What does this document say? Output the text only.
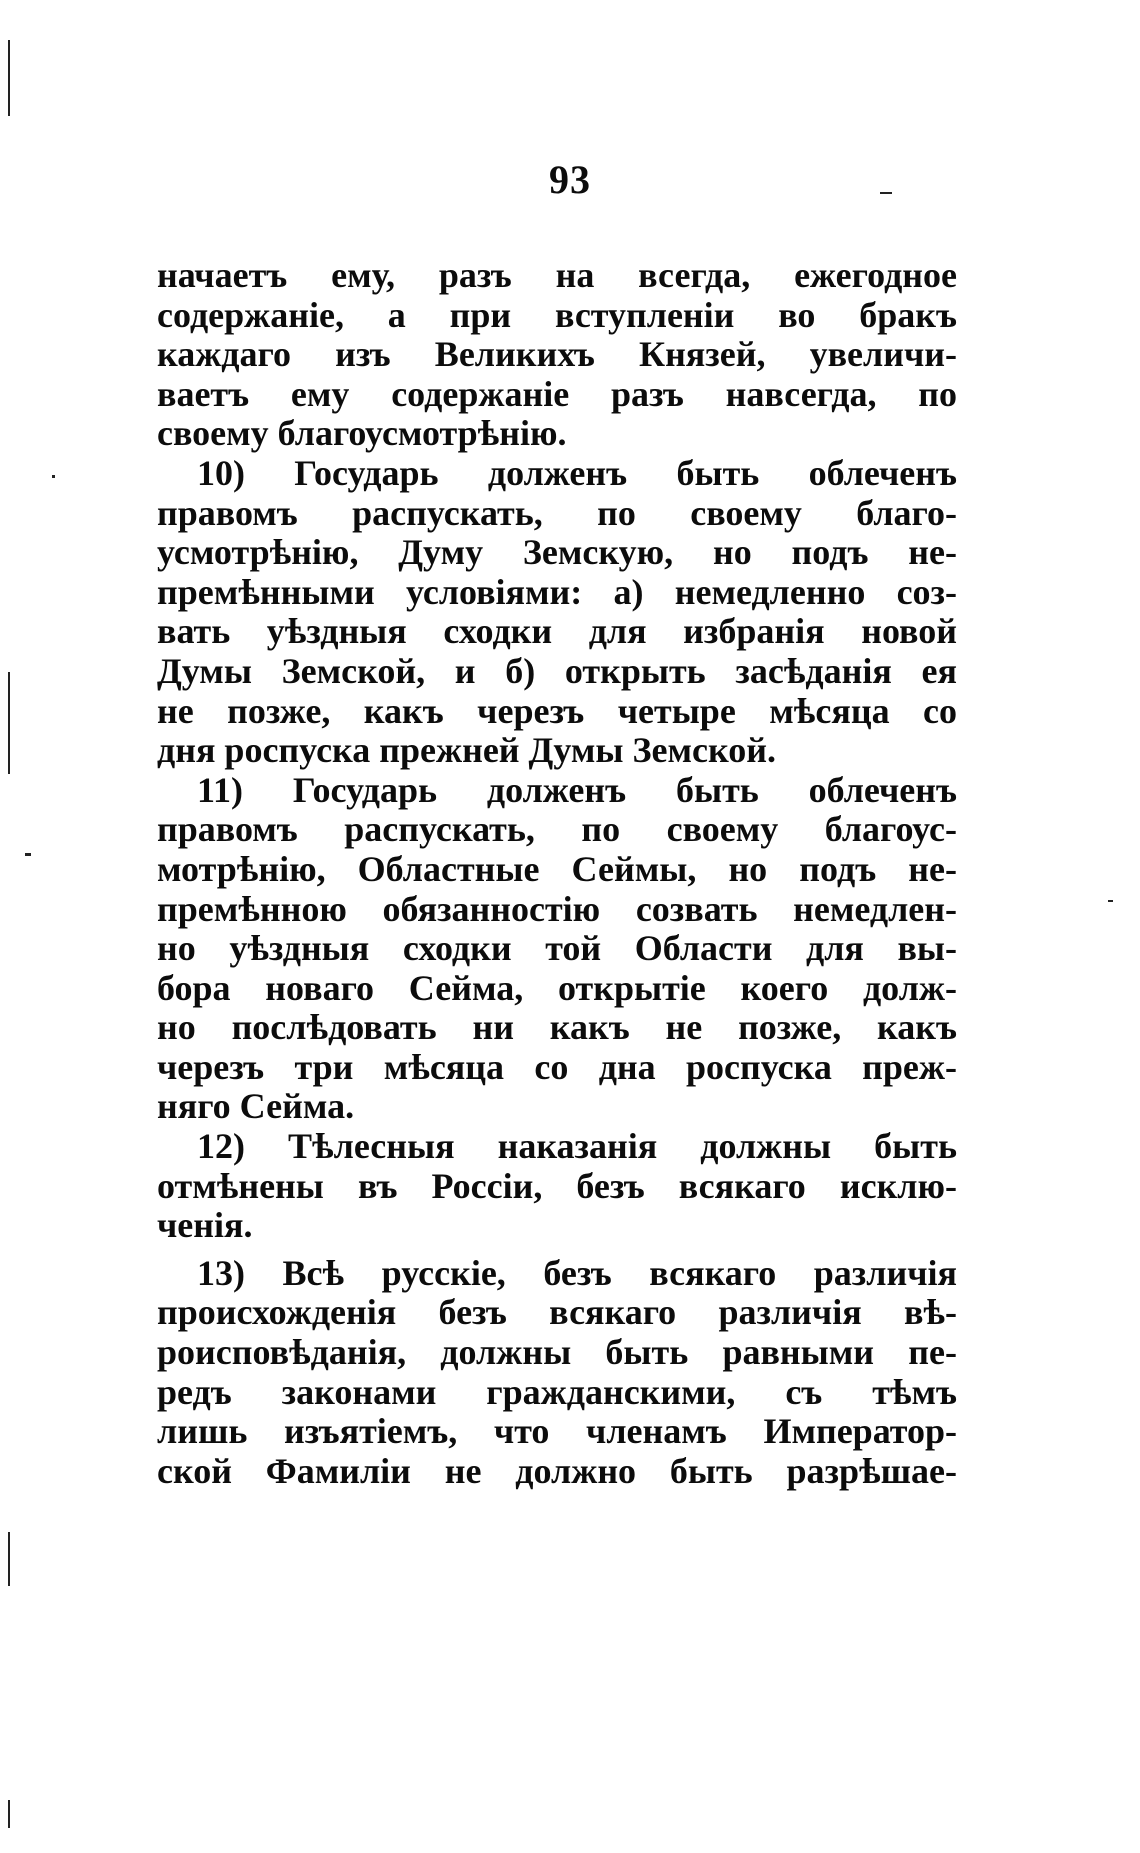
93
начаетъ ему, разъ на всегда, ежегодное
содержаніе, а при вступленіи во бракъ
каждаго изъ Великихъ Князей, увеличи-
ваетъ ему содержаніе разъ навсегда, по
своему благоусмотрѣнію.
10) Государь долженъ быть облеченъ
правомъ распускать, по своему благо-
усмотрѣнію, Думу Земскую, но подъ не-
премѣнными условіями: а) немедленно соз-
вать уѣздныя сходки для избранія новой
Думы Земской, и б) открыть засѣданія ея
не позже, какъ черезъ четыре мѣсяца со
дня роспуска прежней Думы Земской.
11) Государь долженъ быть облеченъ
правомъ распускать, по своему благоус-
мотрѣнію, Областные Сеймы, но подъ не-
премѣнною обязанностію созвать немедлен-
но уѣздныя сходки той Области для вы-
бора новаго Сейма, открытіе коего долж-
но послѣдовать ни какъ не позже, какъ
черезъ три мѣсяца со дна роспуска преж-
няго Сейма.
12) Тѣлесныя наказанія должны быть
отмѣнены въ Россіи, безъ всякаго исклю-
ченія.
13) Всѣ русскіе, безъ всякаго различія
происхожденія безъ всякаго различія вѣ-
роисповѣданія, должны быть равными пе-
редъ законами гражданскими, съ тѣмъ
лишь изъятіемъ, что членамъ Император-
ской Фамиліи не должно быть разрѣшае-
